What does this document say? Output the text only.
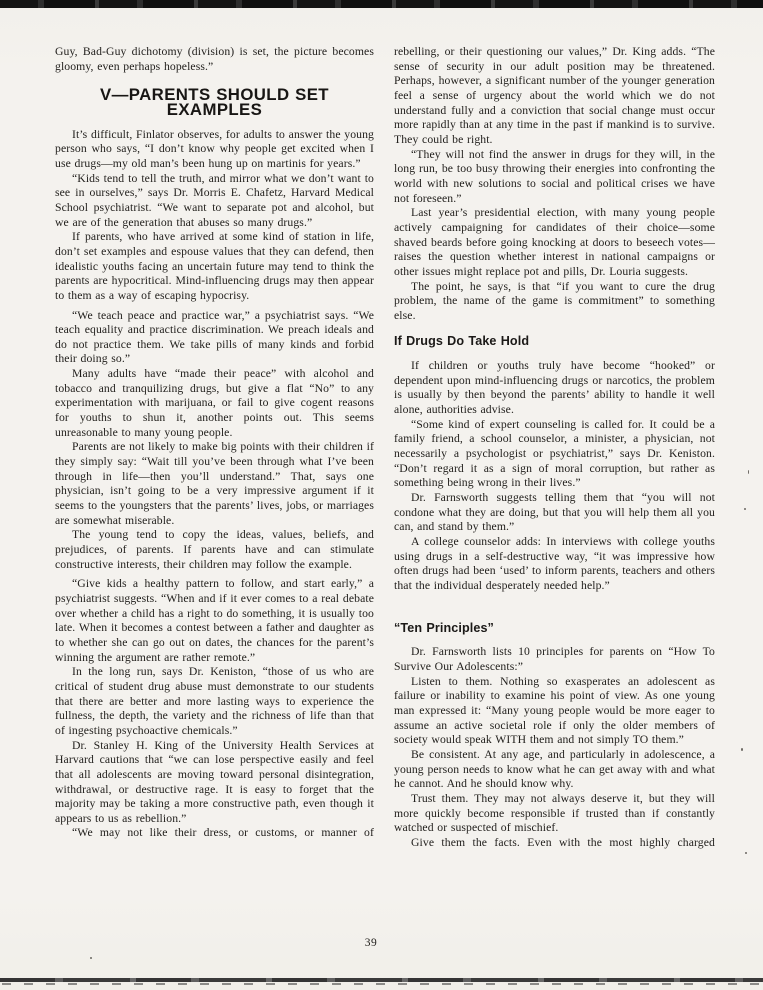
Guy, Bad-Guy dichotomy (division) is set, the picture becomes gloomy, even perhaps hopeless.”

V—PARENTS SHOULD SET EXAMPLES

It’s difficult, Finlator observes, for adults to answer the young person who says, “I don’t know why people get excited when I use drugs—my old man’s been hung up on martinis for years.”

“Kids tend to tell the truth, and mirror what we don’t want to see in ourselves,” says Dr. Morris E. Chafetz, Harvard Medical School psychiatrist. “We want to separate pot and alcohol, but we are of the generation that abuses so many drugs.”

If parents, who have arrived at some kind of station in life, don’t set examples and espouse values that they can defend, then idealistic youths facing an uncertain future may tend to think the parents are hypocritical. Mind-influencing drugs may then appear to them as a way of escaping hypocrisy.

“We teach peace and practice war,” a psychiatrist says. “We teach equality and practice discrimination. We preach ideals and do not practice them. We take pills of many kinds and forbid their doing so.”

Many adults have “made their peace” with alcohol and tobacco and tranquilizing drugs, but give a flat “No” to any experimentation with marijuana, or fail to give cogent reasons for youths to shun it, another points out. This seems unreasonable to many young people.

Parents are not likely to make big points with their children if they simply say: “Wait till you’ve been through what I’ve been through in life—then you’ll understand.” That, says one physician, isn’t going to be a very impressive argument if it seems to the youngsters that the parents’ lives, jobs, or marriages are somewhat miserable.

The young tend to copy the ideas, values, beliefs, and prejudices, of parents. If parents have and can stimulate constructive interests, their children may follow the example.

“Give kids a healthy pattern to follow, and start early,” a psychiatrist suggests. “When and if it ever comes to a real debate over whether a child has a right to do something, it is usually too late. When it becomes a contest between a father and daughter as to whether she can go out on dates, the chances for the parent’s winning the argument are rather remote.”

In the long run, says Dr. Keniston, “those of us who are critical of student drug abuse must demonstrate to our students that there are better and more lasting ways to experience the fullness, the depth, the variety and the richness of life than that of ingesting psychoactive chemicals.”

Dr. Stanley H. King of the University Health Services at Harvard cautions that “we can lose perspective easily and feel that all adolescents are moving toward personal disintegration, withdrawal, or destructive rage. It is easy to forget that the majority may be taking a more constructive path, even though it appears to us as rebellion.”

“We may not like their dress, or customs, or manner of

rebelling, or their questioning our values,” Dr. King adds. “The sense of security in our adult position may be threatened. Perhaps, however, a significant number of the younger generation feel a sense of urgency about the world which we do not understand fully and a conviction that social change must occur more rapidly than at any time in the past if mankind is to survive. They could be right.

“They will not find the answer in drugs for they will, in the long run, be too busy throwing their energies into confronting the world with new solutions to social and political crises we have not foreseen.”

Last year’s presidential election, with many young people actively campaigning for candidates of their choice—some shaved beards before going knocking at doors to beseech votes—raises the question whether interest in national campaigns or other issues might replace pot and pills, Dr. Louria suggests.

The point, he says, is that “if you want to cure the drug problem, the name of the game is commitment” to something else.

If Drugs Do Take Hold

If children or youths truly have become “hooked” or dependent upon mind-influencing drugs or narcotics, the problem is usually by then beyond the parents’ ability to handle it well alone, authorities advise.

“Some kind of expert counseling is called for. It could be a family friend, a school counselor, a minister, a physician, not necessarily a psychologist or psychiatrist,” says Dr. Keniston. “Don’t regard it as a sign of moral corruption, but rather as something being wrong in their lives.”

Dr. Farnsworth suggests telling them that “you will not condone what they are doing, but that you will help them all you can, and stand by them.”

A college counselor adds: In interviews with college youths using drugs in a self-destructive way, “it was impressive how often drugs had been ‘used’ to inform parents, teachers and others that the individual desperately needed help.”

“Ten Principles”

Dr. Farnsworth lists 10 principles for parents on “How To Survive Our Adolescents:”

Listen to them. Nothing so exasperates an adolescent as failure or inability to examine his point of view. As one young man expressed it: “Many young people would be more eager to assume an active societal role if only the older members of society would speak WITH them and not simply TO them.”

Be consistent. At any age, and particularly in adolescence, a young person needs to know what he can get away with and what he cannot. And he should know why.

Trust them. They may not always deserve it, but they will more quickly become responsible if trusted than if constantly watched or suspected of mischief.

Give them the facts. Even with the most highly charged

39
